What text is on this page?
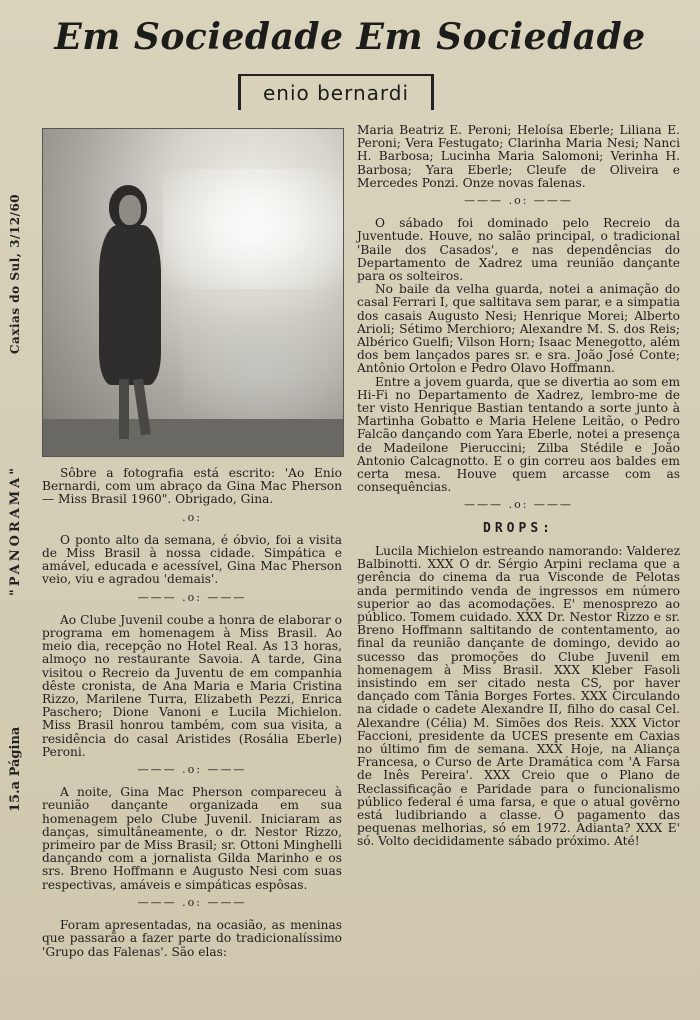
Em Sociedade Em Sociedade
enio bernardi
Caxias do Sul, 3/12/60
"PANORAMA"
15.a Página

Sôbre a fotografia está escrito: 'Ao Enio Bernardi, com um abraço da Gina Mac Pherson — Miss Brasil 1960". Obrigado, Gina.

.o:

O ponto alto da semana, é óbvio, foi a visita de Miss Brasil à nossa cidade. Simpática e amável, educada e acessível, Gina Mac Pherson veio, viu e agradou 'demais'.

——— .o: ———

Ao Clube Juvenil coube a honra de elaborar o programa em homenagem à Miss Brasil. Ao meio dia, recepção no Hotel Real. As 13 horas, almoço no restaurante Savoia. A tarde, Gina visitou o Recreio da Juventu de em companhia dêste cronista, de Ana Maria e Maria Cristina Rizzo, Marilene Turra, Elizabeth Pezzi, Enrica Paschero; Dione Vanoni e Lucila Michielon. Miss Brasil honrou também, com sua visita, a residência do casal Aristides (Rosália Eberle) Peroni.

——— .o: ———

A noite, Gina Mac Pherson compareceu à reunião dançante organizada em sua homenagem pelo Clube Juvenil. Iniciaram as danças, simultâneamente, o dr. Nestor Rizzo, primeiro par de Miss Brasil; sr. Ottoni Minghelli dançando com a jornalista Gilda Marinho e os srs. Breno Hoffmann e Augusto Nesi com suas respectivas, amáveis e simpáticas espôsas.

——— .o: ———

Foram apresentadas, na ocasião, as meninas que passarão a fazer parte do tradicionalíssimo 'Grupo das Falenas'. São elas:

Maria Beatriz E. Peroni; Heloísa Eberle; Liliana E. Peroni; Vera Festugato; Clarinha Maria Nesi; Nanci H. Barbosa; Lucinha Maria Salomoni; Verinha H. Barbosa; Yara Eberle; Cleufe de Oliveira e Mercedes Ponzi. Onze novas falenas.

——— .o: ———

O sábado foi dominado pelo Recreio da Juventude. Houve, no salão principal, o tradicional 'Baile dos Casados', e nas dependências do Departamento de Xadrez uma reunião dançante para os solteiros.

No baile da velha guarda, notei a animação do casal Ferrari I, que saltitava sem parar, e a simpatia dos casais Augusto Nesi; Henrique Morei; Alberto Arioli; Sétimo Merchioro; Alexandre M. S. dos Reis; Albérico Guelfi; Vilson Horn; Isaac Menegotto, além dos bem lançados pares sr. e sra. João José Conte; Antônio Ortolon e Pedro Olavo Hoffmann.

Entre a jovem guarda, que se divertia ao som em Hi-Fi no Departamento de Xadrez, lembro-me de ter visto Henrique Bastian tentando a sorte junto à Martinha Gobatto e Maria Helene Leitão, o Pedro Falcão dançando com Yara Eberle, notei a presença de Madeilone Pieruccini; Zilba Stédile e João Antonio Calcagnotto. E o gin correu aos baldes em certa mesa. Houve quem arcasse com as consequências.

——— .o: ———
DROPS:

Lucila Michielon estreando namorando: Valderez Balbinotti. XXX O dr. Sérgio Arpini reclama que a gerência do cinema da rua Visconde de Pelotas anda permitindo venda de ingressos em número superior ao das acomodações. E' menosprezo ao público. Tomem cuidado. XXX Dr. Nestor Rizzo e sr. Breno Hoffmann saltitando de contentamento, ao final da reunião dançante de domingo, devido ao sucesso das promoções do Clube Juvenil em homenagem à Miss Brasil. XXX Kleber Fasoli insistindo em ser citado nesta CS, por haver dançado com Tânia Borges Fortes. XXX Circulando na cidade o cadete Alexandre II, filho do casal Cel. Alexandre (Célia) M. Simões dos Reis. XXX Victor Faccioni, presidente da UCES presente em Caxias no último fim de semana. XXX Hoje, na Aliança Francesa, o Curso de Arte Dramática com 'A Farsa de Inês Pereira'. XXX Creio que o Plano de Reclassificação e Paridade para o funcionalismo público federal é uma farsa, e que o atual govêrno está ludibriando a classe. O pagamento das pequenas melhorias, só em 1972. Adianta? XXX E' só. Volto decididamente sábado próximo. Até!
